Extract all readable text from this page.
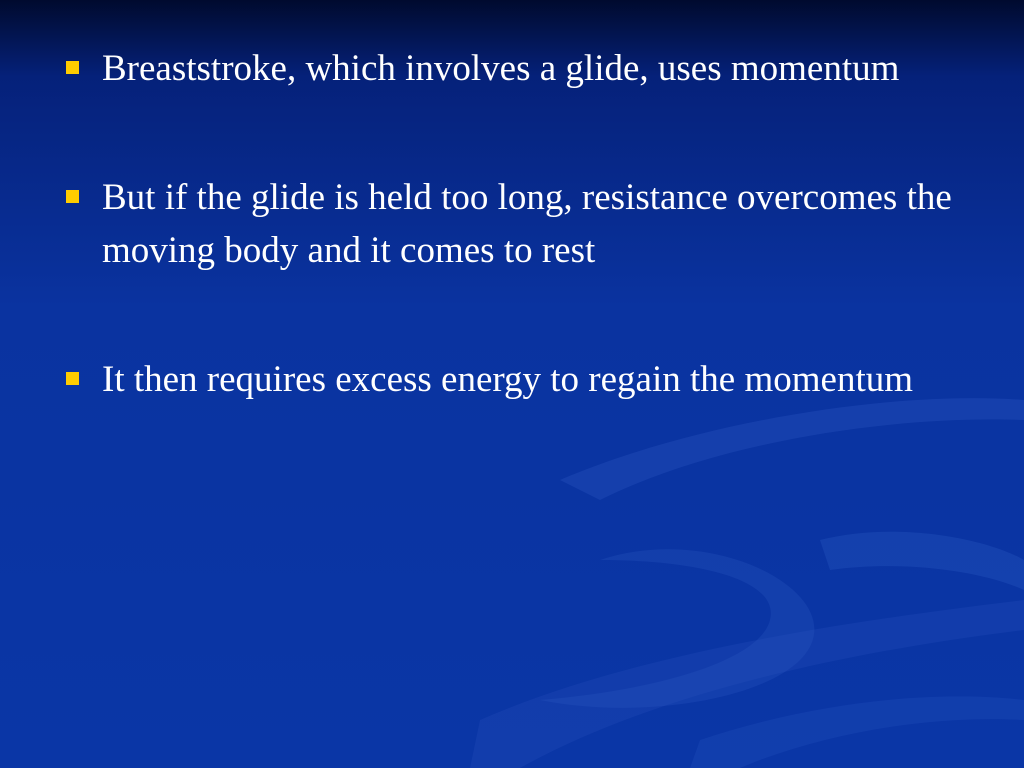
Breaststroke, which involves a glide, uses momentum
But if the glide is held too long, resistance overcomes the moving body and it comes to rest
It then requires excess energy to regain the momentum
